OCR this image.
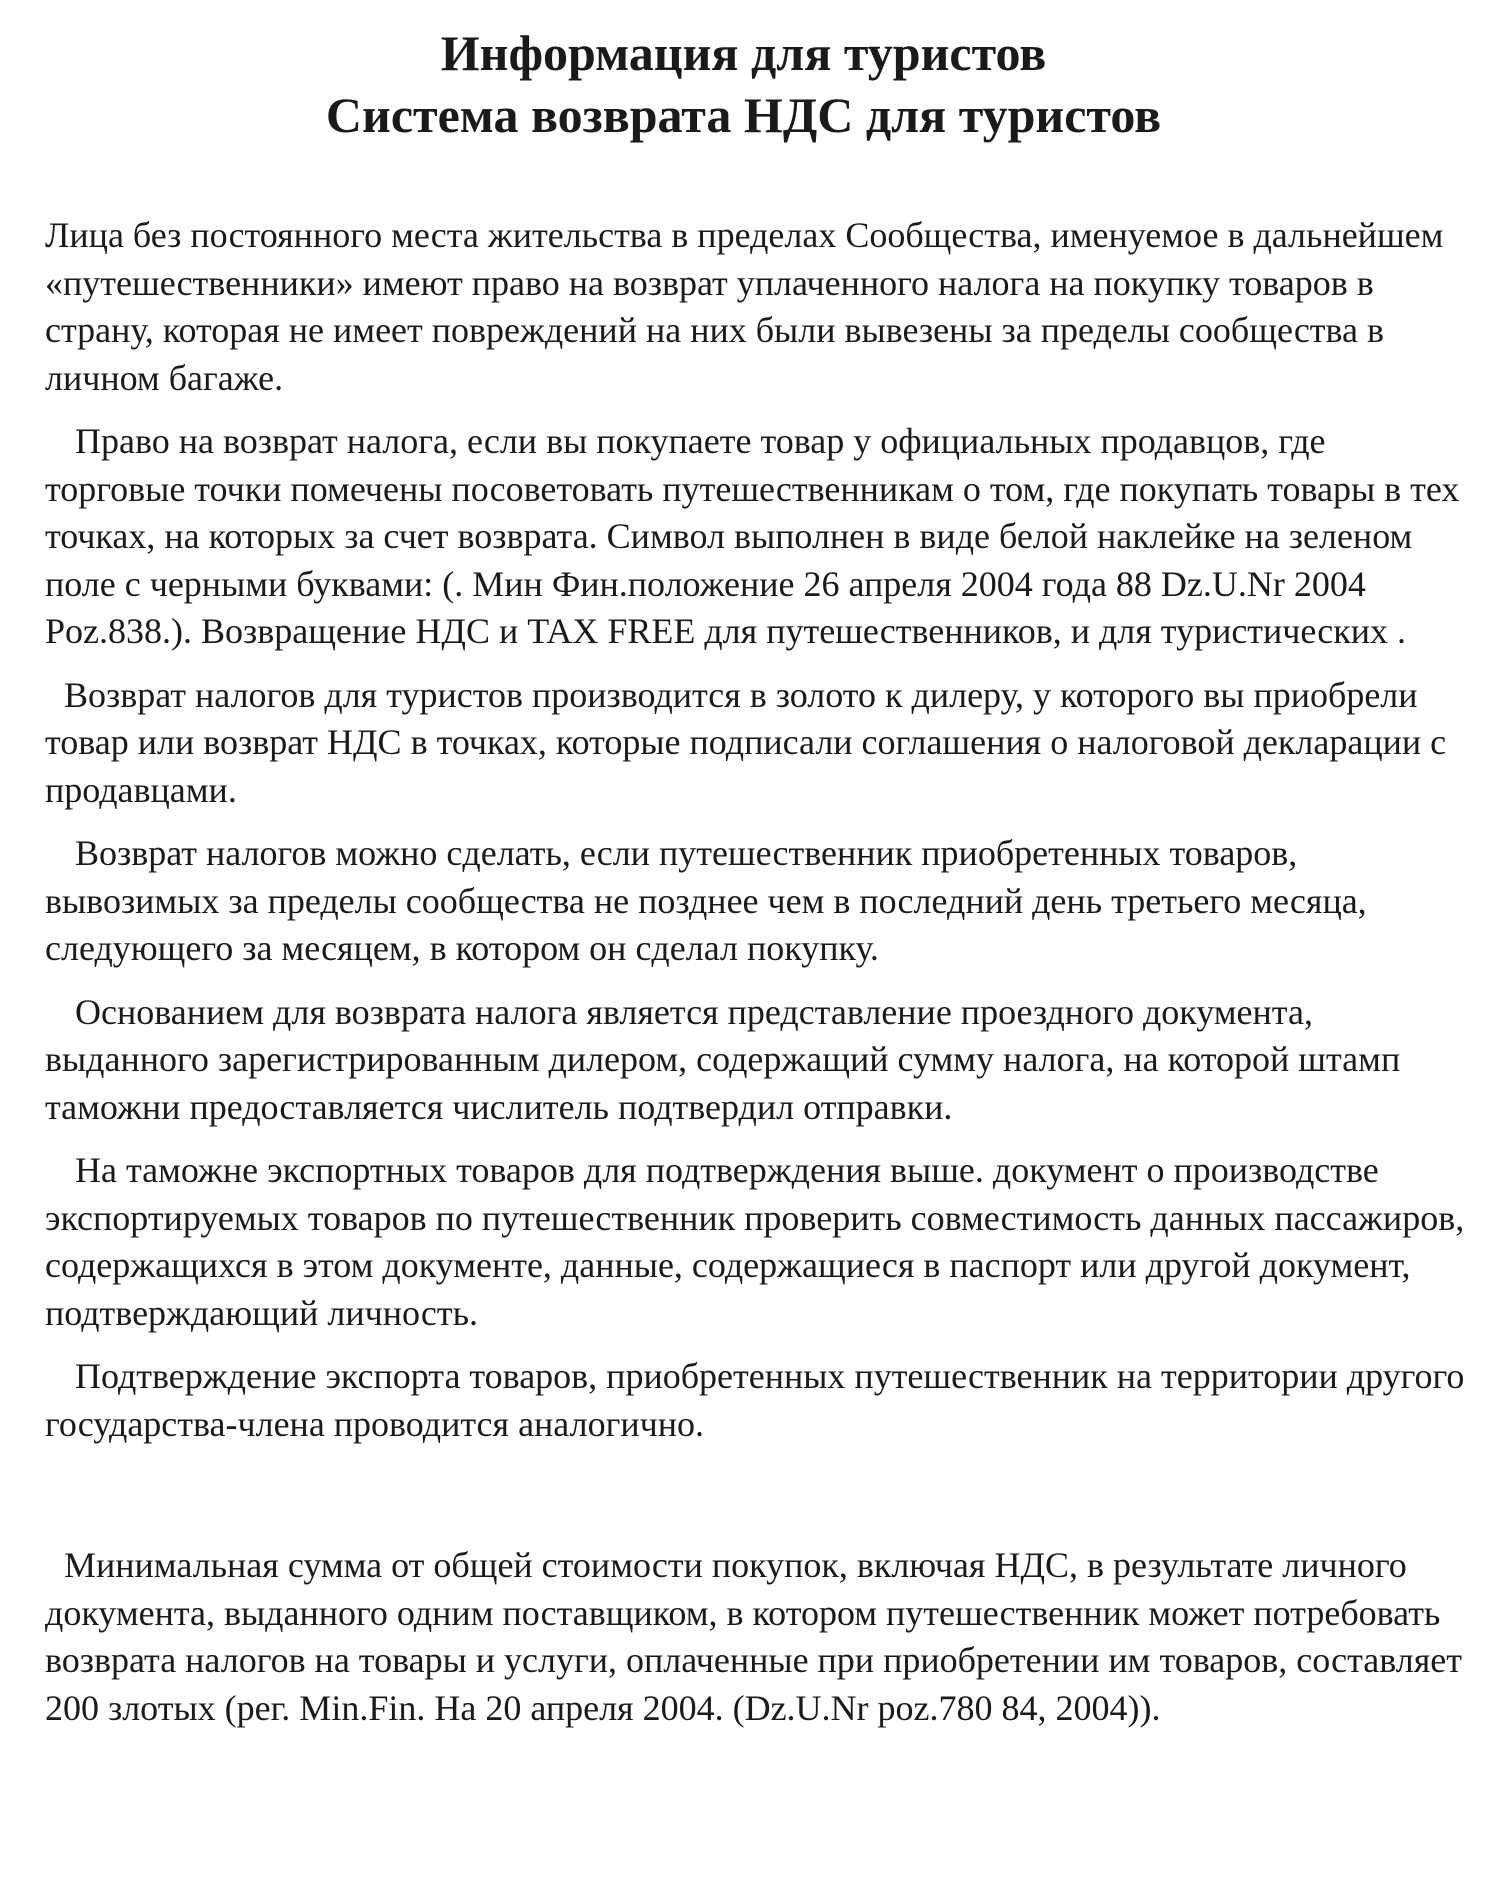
Информация для туристов
Система возврата НДС для туристов

Лица без постоянного места жительства в пределах Сообщества, именуемое в дальнейшем «путешественники» имеют право на возврат уплаченного налога на покупку товаров в страну, которая не имеет повреждений на них были вывезены за пределы сообщества в личном багаже.

Право на возврат налога, если вы покупаете товар у официальных продавцов, где торговые точки помечены посоветовать путешественникам о том, где покупать товары в тех точках, на которых за счет возврата. Символ выполнен в виде белой наклейке на зеленом поле с черными буквами: (. Мин Фин.положение 26 апреля 2004 года 88 Dz.U.Nr 2004 Poz.838.). Возвращение НДС и TAX FREE для путешественников, и для туристических .

Возврат налогов для туристов производится в золото к дилеру, у которого вы приобрели товар или возврат НДС в точках, которые подписали соглашения о налоговой декларации с продавцами.

Возврат налогов можно сделать, если путешественник приобретенных товаров, вывозимых за пределы сообщества не позднее чем в последний день третьего месяца, следующего за месяцем, в котором он сделал покупку.

Основанием для возврата налога является представление проездного документа, выданного зарегистрированным дилером, содержащий сумму налога, на которой штамп таможни предоставляется числитель подтвердил отправки.

На таможне экспортных товаров для подтверждения выше. документ о производстве экспортируемых товаров по путешественник проверить совместимость данных пассажиров, содержащихся в этом документе, данные, содержащиеся в паспорт или другой документ, подтверждающий личность.

Подтверждение экспорта товаров, приобретенных путешественник на территории другого государства-члена проводится аналогично.

Минимальная сумма от общей стоимости покупок, включая НДС, в результате личного документа, выданного одним поставщиком, в котором путешественник может потребовать возврата налогов на товары и услуги, оплаченные при приобретении им товаров, составляет 200 злотых (рег. Min.Fin. На 20 апреля 2004. (Dz.U.Nr poz.780 84, 2004)).
